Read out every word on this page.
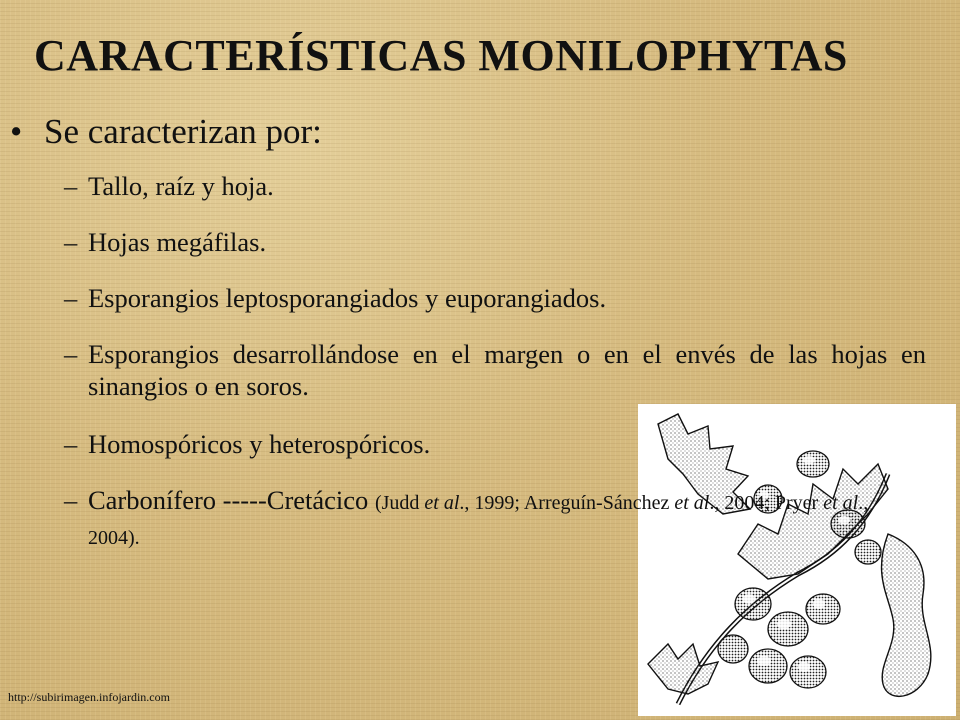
CARACTERÍSTICAS MONILOPHYTAS
• Se caracterizan por:
– Tallo, raíz y hoja.
– Hojas megáfilas.
– Esporangios leptosporangiados y euporangiados.
– Esporangios desarrollándose en el margen o en el envés de las hojas en sinangios o en soros.
– Homospóricos y heterospóricos.
– Carbonífero -----Cretácico (Judd et al., 1999; Arreguín-Sánchez et al., 2004; Pryer et al., 2004).
http://subirimagen.infojardin.com
